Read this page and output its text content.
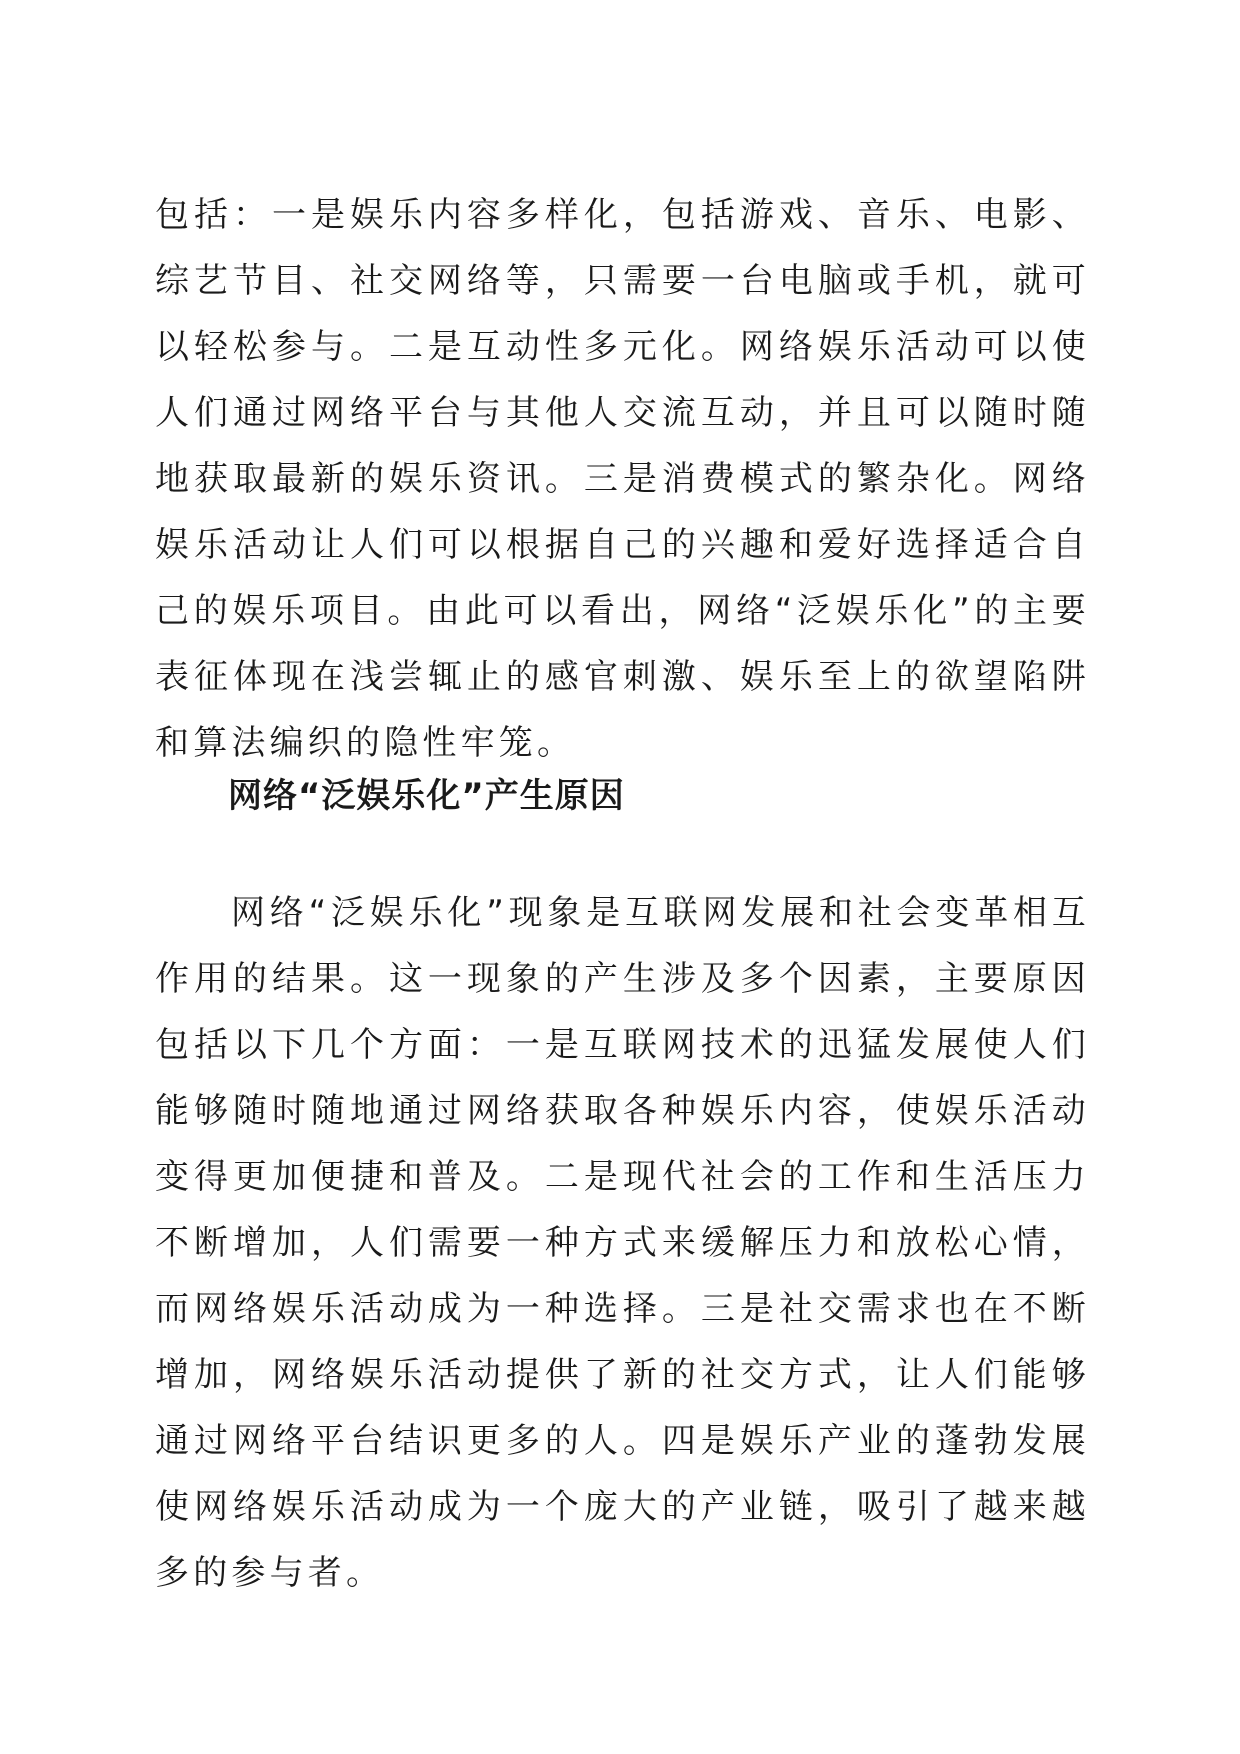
包括：一是娱乐内容多样化，包括游戏、音乐、电影、综艺节目、社交网络等，只需要一台电脑或手机，就可以轻松参与。二是互动性多元化。网络娱乐活动可以使人们通过网络平台与其他人交流互动，并且可以随时随地获取最新的娱乐资讯。三是消费模式的繁杂化。网络娱乐活动让人们可以根据自己的兴趣和爱好选择适合自己的娱乐项目。由此可以看出，网络“泛娱乐化”的主要表征体现在浅尝辄止的感官刺激、娱乐至上的欲望陷阱和算法编织的隐性牢笼。

网络“泛娱乐化”产生原因

网络“泛娱乐化”现象是互联网发展和社会变革相互作用的结果。这一现象的产生涉及多个因素，主要原因包括以下几个方面：一是互联网技术的迅猛发展使人们能够随时随地通过网络获取各种娱乐内容，使娱乐活动变得更加便捷和普及。二是现代社会的工作和生活压力不断增加，人们需要一种方式来缓解压力和放松心情，而网络娱乐活动成为一种选择。三是社交需求也在不断增加，网络娱乐活动提供了新的社交方式，让人们能够通过网络平台结识更多的人。四是娱乐产业的蓬勃发展使网络娱乐活动成为一个庞大的产业链，吸引了越来越多的参与者。
